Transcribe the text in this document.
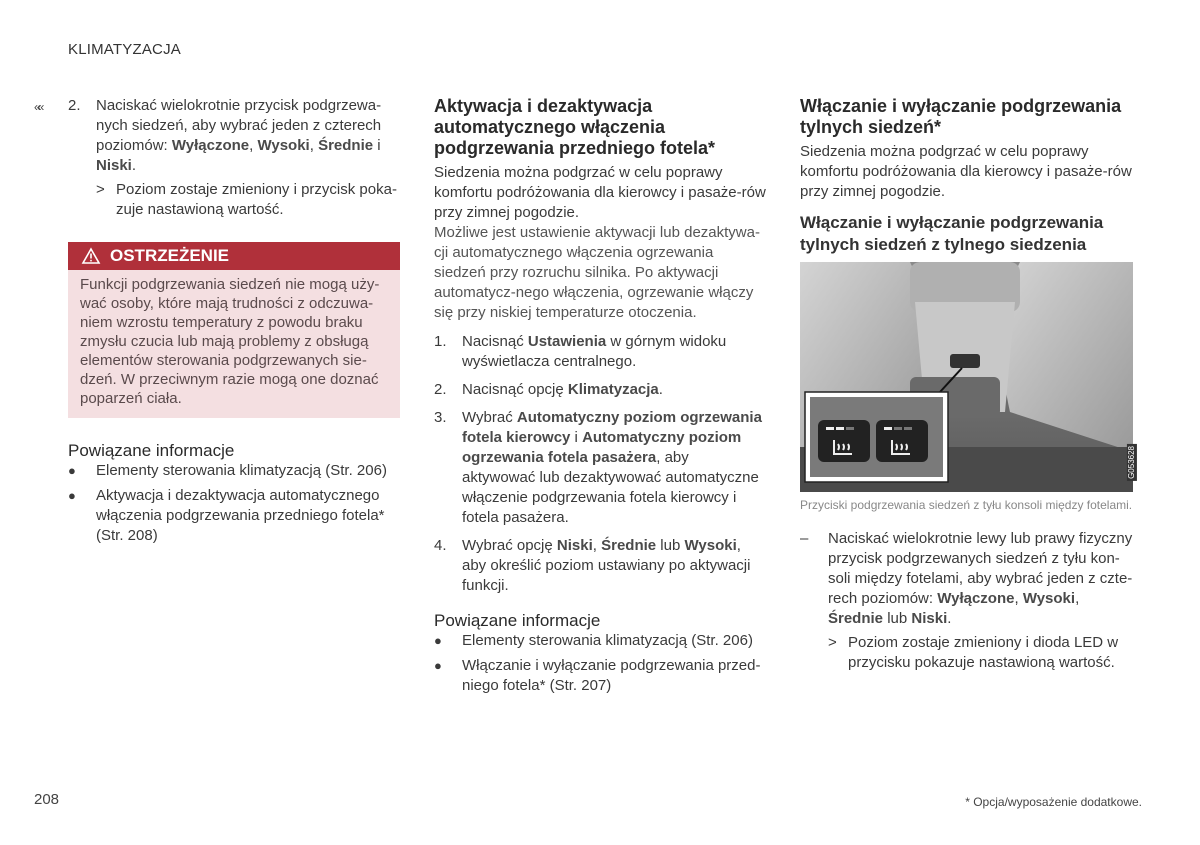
KLIMATYZACJA
«« 2.	Naciskać wielokrotnie przycisk podgrzewa-nych siedzeń, aby wybrać jeden z czterech poziomów: Wyłączone, Wysoki, Średnie i Niski.
> Poziom zostaje zmieniony i przycisk poka-zuje nastawioną wartość.
OSTRZEŻENIE
Funkcji podgrzewania siedzeń nie mogą uży-wać osoby, które mają trudności z odczuwa-niem wzrostu temperatury z powodu braku zmysłu czucia lub mają problemy z obsługą elementów sterowania podgrzewanych sie-dzeń. W przeciwnym razie mogą one doznać poparzeń ciała.
Powiązane informacje
●	Elementy sterowania klimatyzacją (Str. 206)
●	Aktywacja i dezaktywacja automatycznego włączenia podgrzewania przedniego fotela* (Str. 208)
Aktywacja i dezaktywacja automatycznego włączenia podgrzewania przedniego fotela*

Siedzenia można podgrzać w celu poprawy komfortu podróżowania dla kierowcy i pasaże-rów przy zimnej pogodzie.

Możliwe jest ustawienie aktywacji lub dezaktywa-cji automatycznego włączenia ogrzewania siedzeń przy rozruchu silnika. Po aktywacji automatycz-nego włączenia, ogrzewanie włączy się przy niskiej temperaturze otoczenia.

1.	Nacisnąć Ustawienia w górnym widoku wyświetlacza centralnego.
2.	Nacisnąć opcję Klimatyzacja.
3.	Wybrać Automatyczny poziom ogrzewania fotela kierowcy i Automatyczny poziom ogrzewania fotela pasażera, aby aktywować lub dezaktywować automatyczne włączenie podgrzewania fotela kierowcy i fotela pasażera.
4.	Wybrać opcję Niski, Średnie lub Wysoki, aby określić poziom ustawiany po aktywacji funkcji.
Powiązane informacje
●	Elementy sterowania klimatyzacją (Str. 206)
●	Włączanie i wyłączanie podgrzewania przed-niego fotela* (Str. 207)
Włączanie i wyłączanie podgrzewania tylnych siedzeń*

Siedzenia można podgrzać w celu poprawy komfortu podróżowania dla kierowcy i pasaże-rów przy zimnej pogodzie.

Włączanie i wyłączanie podgrzewania tylnych siedzeń z tylnego siedzenia
G053628

Przyciski podgrzewania siedzeń z tyłu konsoli między fotelami.

–	Naciskać wielokrotnie lewy lub prawy fizyczny przycisk podgrzewanych siedzeń z tyłu kon-soli między fotelami, aby wybrać jeden z czte-rech poziomów: Wyłączone, Wysoki, Średnie lub Niski.
> Poziom zostaje zmieniony i dioda LED w przycisku pokazuje nastawioną wartość.
208	* Opcja/wyposażenie dodatkowe.
